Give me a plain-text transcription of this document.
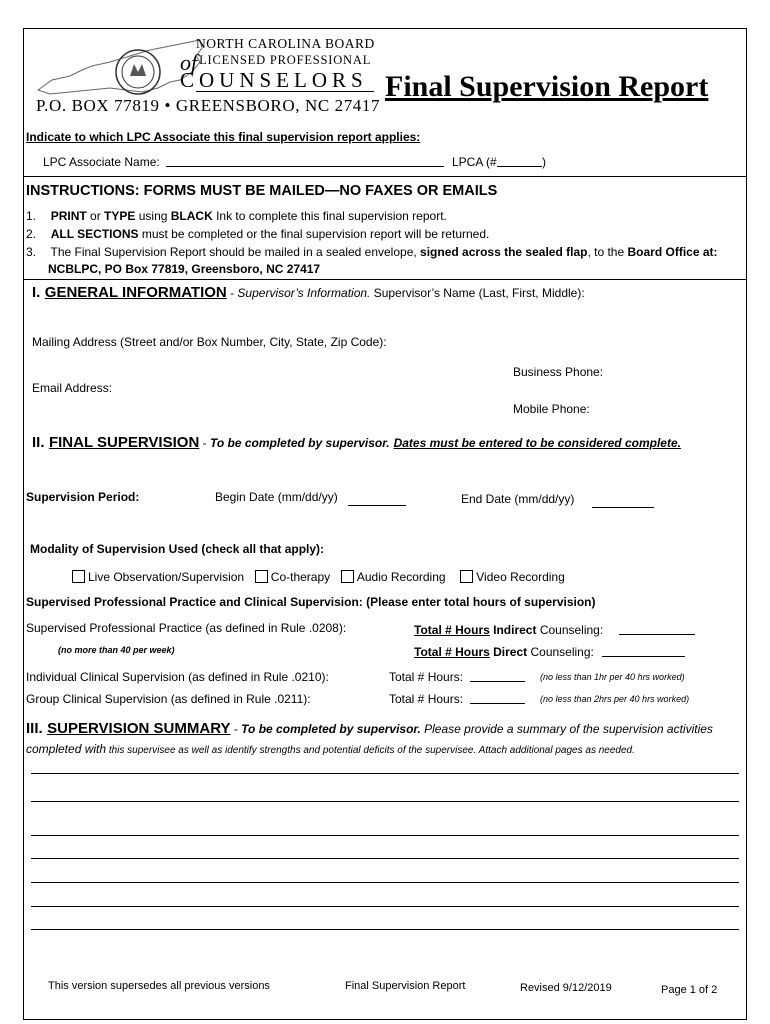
NORTH CAROLINA BOARD
of $^{LICENSED PROFESSIONAL}$
COUNSELORS
P.O. BOX 77819 • GREENSBORO, NC 27417
Final Supervision Report
Indicate to which LPC Associate this final supervision report applies:
LPC Associate Name:	LPCA (#	)
INSTRUCTIONS: FORMS MUST BE MAILED—NO FAXES OR EMAILS
1. PRINT or TYPE using BLACK Ink to complete this final supervision report.
2. ALL SECTIONS must be completed or the final supervision report will be returned.
3. The Final Supervision Report should be mailed in a sealed envelope, signed across the sealed flap, to the Board Office at:
NCBLPC, PO Box 77819, Greensboro, NC 27417
I. GENERAL INFORMATION - Supervisor’s Information. Supervisor’s Name (Last, First, Middle):
Mailing Address (Street and/or Box Number, City, State, Zip Code):
Business Phone:
Email Address:
Mobile Phone:
II. FINAL SUPERVISION - To be completed by supervisor. Dates must be entered to be considered complete.
Supervision Period:	Begin Date (mm/dd/yy)	End Date (mm/dd/yy)
Modality of Supervision Used (check all that apply):
Live Observation/Supervision Co-therapy Audio Recording	Video Recording
Supervised Professional Practice and Clinical Supervision: (Please enter total hours of supervision)
Supervised Professional Practice (as defined in Rule .0208):
(no more than 40 per week)
Total # Hours Indirect Counseling:
Total # Hours Direct Counseling:
Individual Clinical Supervision (as defined in Rule .0210):	Total # Hours:	(no less than 1hr per 40 hrs worked)
Group Clinical Supervision (as defined in Rule .0211):	Total # Hours:	(no less than 2hrs per 40 hrs worked)
III. SUPERVISION SUMMARY - To be completed by supervisor. Please provide a summary of the supervision activities
completed with this supervisee as well as identify strengths and potential deficits of the supervisee. Attach additional pages as needed.
This version supersedes all previous versions	Final Supervision Report	Revised 9/12/2019	Page 1 of 2
